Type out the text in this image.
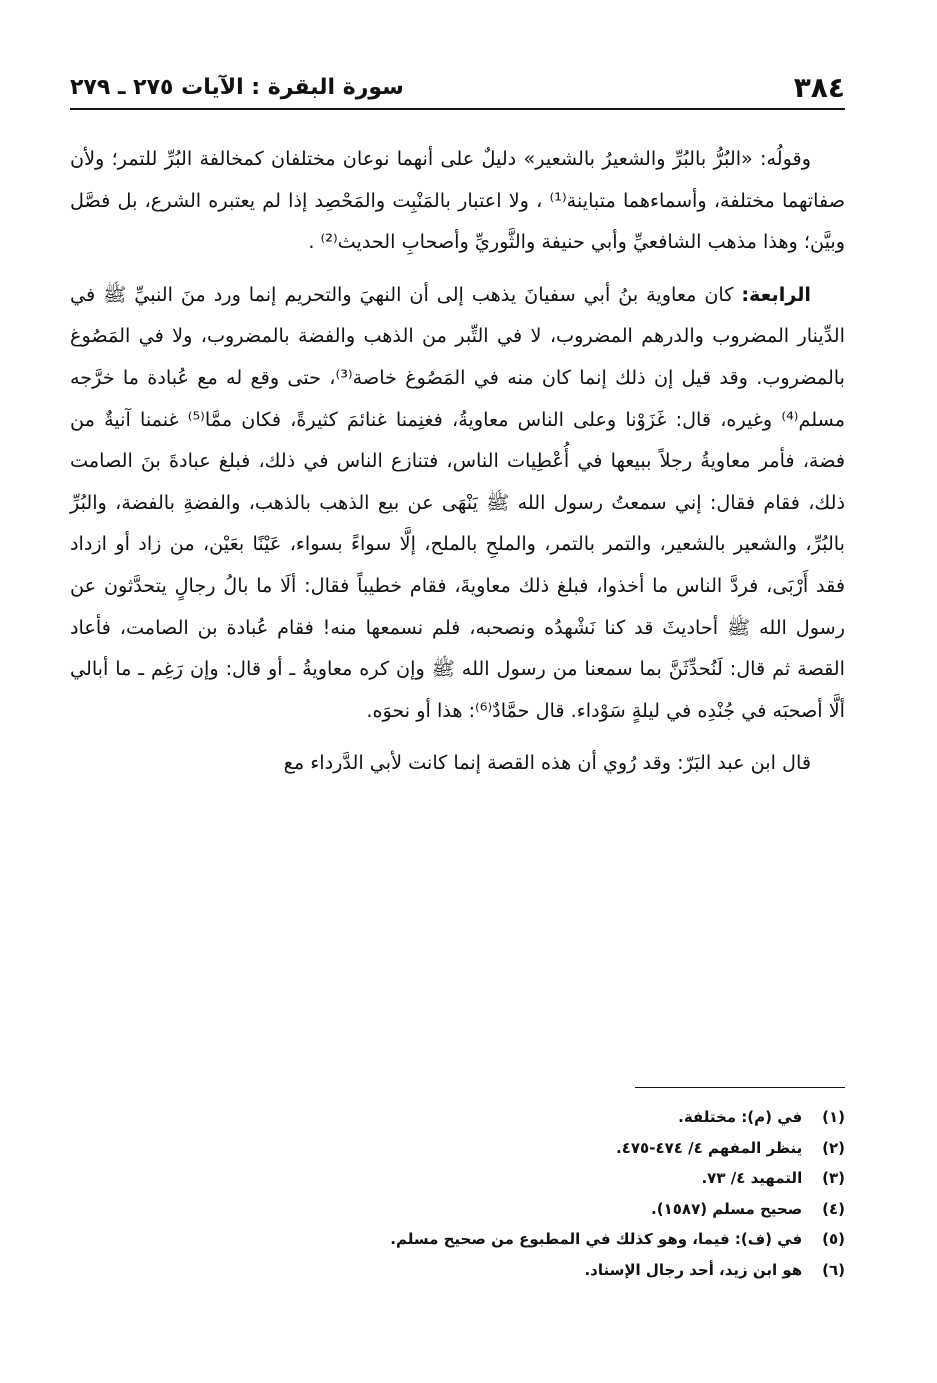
٣٨٤
سورة البقرة : الآيات ٢٧٥ ـ ٢٧٩

وقولُه: «البُرُّ بالبُرِّ والشعيرُ بالشعير» دليلٌ على أنهما نوعان مختلفان كمخالفة البُرِّ للتمر؛ ولأن صفاتهما مختلفة، وأسماءهما متباينة⁽¹⁾ ، ولا اعتبار بالمَنْبِت والمَحْصِد إذا لم يعتبره الشرع، بل فصَّل وبيَّن؛ وهذا مذهب الشافعيِّ وأبي حنيفة والثَّوريِّ وأصحابِ الحديث⁽²⁾ .

الرابعة: كان معاوية بنُ أبي سفيانَ يذهب إلى أن النهيَ والتحريم إنما ورد منَ النبيِّ ﷺ في الدِّينار المضروب والدرهم المضروب، لا في التِّبر من الذهب والفضة بالمضروب، ولا في المَصُوغ بالمضروب. وقد قيل إن ذلك إنما كان منه في المَصُوغ خاصة⁽³⁾، حتى وقع له مع عُبادة ما خرَّجه مسلم⁽⁴⁾ وغيره، قال: غَزَوْنا وعلى الناس معاويةُ، فغنِمنا غنائمَ كثيرةً، فكان ممَّا⁽⁵⁾ غنمنا آنيةٌ من فضة، فأمر معاويةُ رجلاً ببيعها في أُعْطِيات الناس، فتنازع الناس في ذلك، فبلغ عبادةَ بنَ الصامت ذلك، فقام فقال: إني سمعتُ رسول الله ﷺ يَنْهَى عن بيع الذهب بالذهب، والفضةِ بالفضة، والبُرِّ بالبُرِّ، والشعير بالشعير، والتمر بالتمر، والملحِ بالملح، إلَّا سواءً بسواء، عَيْنًا بعَيْن، من زاد أو ازداد فقد أَرْبَى، فردَّ الناس ما أخذوا، فبلغ ذلك معاويةَ، فقام خطيباً فقال: ألَا ما بالُ رجالٍ يتحدَّثون عن رسول الله ﷺ أحاديثَ قد كنا نَشْهدُه ونصحبه، فلم نسمعها منه! فقام عُبادة بن الصامت، فأعاد القصة ثم قال: لَنُحدِّثَنَّ بما سمعنا من رسول الله ﷺ وإن كره معاويةُ ـ أو قال: وإن رَغِم ـ ما أبالي ألَّا أصحبَه في جُنْدِه في ليلةٍ سَوْداء. قال حمَّادٌ⁽⁶⁾: هذا أو نحوَه.

قال ابن عبد البَرّ: وقد رُوي أن هذه القصة إنما كانت لأبي الدَّرداء مع

(١) في (م): مختلفة.
(٢) ينظر المفهم ٤/ ٤٧٤-٤٧٥.
(٣) التمهيد ٤/ ٧٣.
(٤) صحيح مسلم (١٥٨٧).
(٥) في (ف): فيما، وهو كذلك في المطبوع من صحيح مسلم.
(٦) هو ابن زيد، أحد رجال الإسناد.
